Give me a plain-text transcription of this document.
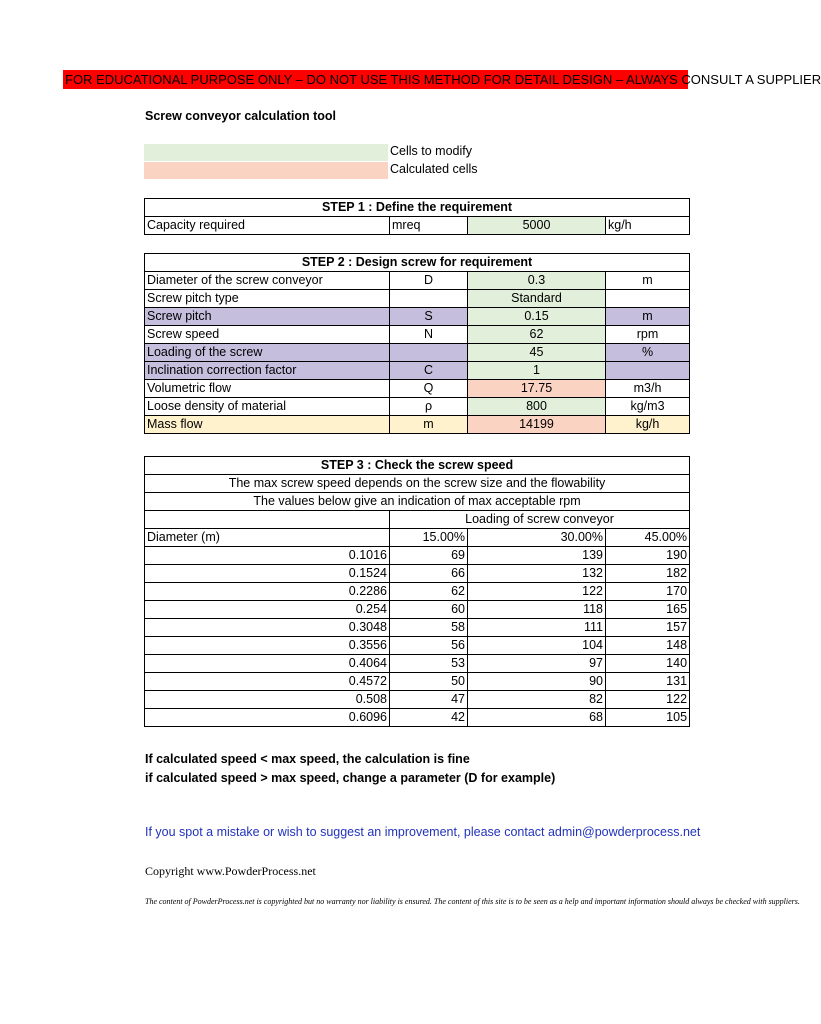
FOR EDUCATIONAL PURPOSE ONLY – DO NOT USE THIS METHOD FOR DETAIL DESIGN – ALWAYS CONSULT A SUPPLIER
Screw conveyor calculation tool
Cells to modify
Calculated cells
STEP 1 : Define the requirement
Capacity required	mreq	5000	kg/h
STEP 2 : Design screw for requirement			
Diameter of the screw conveyor	D	0.3	m
Screw pitch type		Standard	
Screw pitch	S	0.15	m
Screw speed	N	62	rpm
Loading of the screw		45	%
Inclination correction factor	C	1	
Volumetric flow	Q	17.75	m3/h
Loose density of material	ρ	800	kg/m3
Mass flow	m	14199	kg/h
STEP 3 : Check the screw speed			
The max screw speed depends on the screw size and the flowability			
The values below give an indication of max acceptable rpm			
	Loading of screw conveyor		
Diameter (m)	15.00%	30.00%	45.00%
0.1016	69	139	190
0.1524	66	132	182
0.2286	62	122	170
0.254	60	118	165
0.3048	58	111	157
0.3556	56	104	148
0.4064	53	97	140
0.4572	50	90	131
0.508	47	82	122
0.6096	42	68	105
If calculated speed < max speed, the calculation is fine
if calculated speed > max speed, change a parameter (D for example)
If you spot a mistake or wish to suggest an improvement, please contact admin@powderprocess.net
Copyright www.PowderProcess.net
The content of PowderProcess.net is copyrighted but no warranty nor liability is ensured. The content of this site is to be seen as a help and important information should always be checked with suppliers.
